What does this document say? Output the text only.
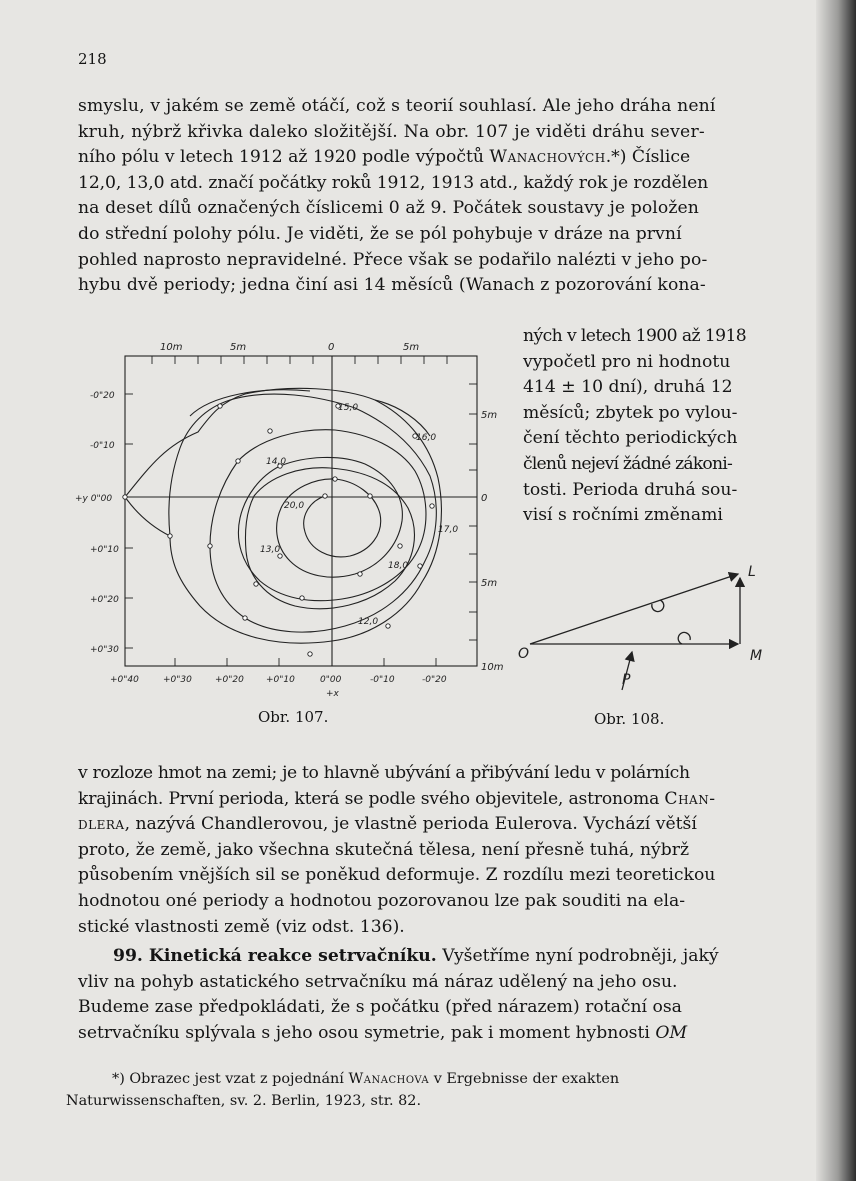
218
smyslu, v jakém se země otáčí, což s teorií souhlasí. Ale jeho dráha není
kruh, nýbrž křivka daleko složitější. Na obr. 107 je viděti dráhu sever-
ního pólu v letech 1912 až 1920 podle výpočtů Wanachových.*) Číslice
12,0, 13,0 atd. značí počátky roků 1912, 1913 atd., každý rok je rozdělen
na deset dílů označených číslicemi 0 až 9. Počátek soustavy je položen
do střední polohy pólu. Je viděti, že se pól pohybuje v dráze na první
pohled naprosto nepravidelné. Přece však se podařilo nalézti v jeho po-
hybu dvě periody; jedna činí asi 14 měsíců (Wanach z pozorování kona-
ných v letech 1900 až 1918
vypočetl pro ni hodnotu
414 ± 10 dní), druhá 12
měsíců; zbytek po vylou-
čení těchto periodických
členů nejeví žádné zákoni-
tosti. Perioda druhá sou-
visí s ročními změnami
10m	5m	0	5m
5m
0
5m
10m
-0"20
-0"10
+y 0"00
+0"10
+0"20
+0"30
+0"40	+0"30	+0"20 +0"10	0"00	-0"10	-0"20
+x
12,0
13,0
14,0
15,0
16,0
17,0
18,0
20,0
Obr. 107.
O
L
M
P
Obr. 108.
v rozloze hmot na zemi; je to hlavně ubývání a přibývání ledu v polárních
krajinách. První perioda, která se podle svého objevitele, astronoma Chan-
dlera, nazývá Chandlerovou, je vlastně perioda Eulerova. Vychází větší
proto, že země, jako všechna skutečná tělesa, není přesně tuhá, nýbrž
působením vnějších sil se poněkud deformuje. Z rozdílu mezi teoretickou
hodnotou oné periody a hodnotou pozorovanou lze pak souditi na ela-
stické vlastnosti země (viz odst. 136).
99. Kinetická reakce setrvačníku. Vyšetříme nyní podrobněji, jaký
vliv na pohyb astatického setrvačníku má náraz udělený na jeho osu.
Budeme zase předpokládati, že s počátku (před nárazem) rotační osa
setrvačníku splývala s jeho osou symetrie, pak i moment hybnosti OM
*) Obrazec jest vzat z pojednání Wanachova v Ergebnisse der exakten
Naturwissenschaften, sv. 2. Berlin, 1923, str. 82.
